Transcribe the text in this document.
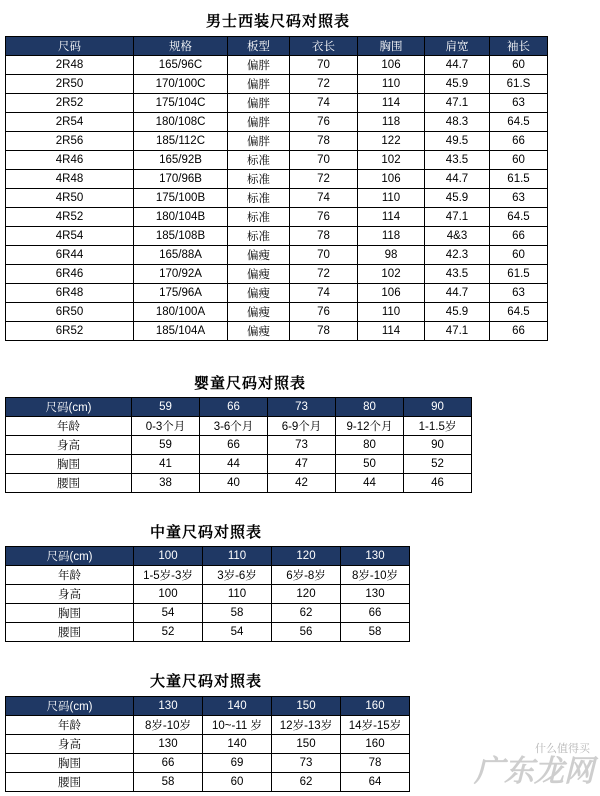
男士西装尺码对照表
尺码	规格	板型	衣长	胸围	肩宽	袖长
2R48	165/96C	偏胖	70	106	44.7	60
2R50	170/100C	偏胖	72	110	45.9	61.S
2R52	175/104C	偏胖	74	114	47.1	63
2R54	180/108C	偏胖	76	118	48.3	64.5
2R56	185/112C	偏胖	78	122	49.5	66
4R46	165/92B	标准	70	102	43.5	60
4R48	170/96B	标准	72	106	44.7	61.5
4R50	175/100B	标准	74	110	45.9	63
4R52	180/104B	标准	76	114	47.1	64.5
4R54	185/108B	标准	78	118	4&3	66
6R44	165/88A	偏瘦	70	98	42.3	60
6R46	170/92A	偏瘦	72	102	43.5	61.5
6R48	175/96A	偏瘦	74	106	44.7	63
6R50	180/100A	偏瘦	76	110	45.9	64.5
6R52	185/104A	偏瘦	78	114	47.1	66
婴童尺码对照表
尺码(cm)	59	66	73	80	90
年龄	0-3个月	3-6个月	6-9个月	9-12个月	1-1.5岁
身高	59	66	73	80	90
胸围	41	44	47	50	52
腰围	38	40	42	44	46
中童尺码对照表
尺码(cm)	100	110	120	130
年龄	1-5岁-3岁	3岁-6岁	6岁-8岁	8岁-10岁
身高	100	110	120	130
胸围	54	58	62	66
腰围	52	54	56	58
大童尺码对照表
尺码(cm)	130	140	150	160
年龄	8岁-10岁	10~-11 岁	12岁-13岁	14岁-15岁
身高	130	140	150	160
胸围	66	69	73	78
腰围	58	60	62	64
什么值得买
广东龙网
